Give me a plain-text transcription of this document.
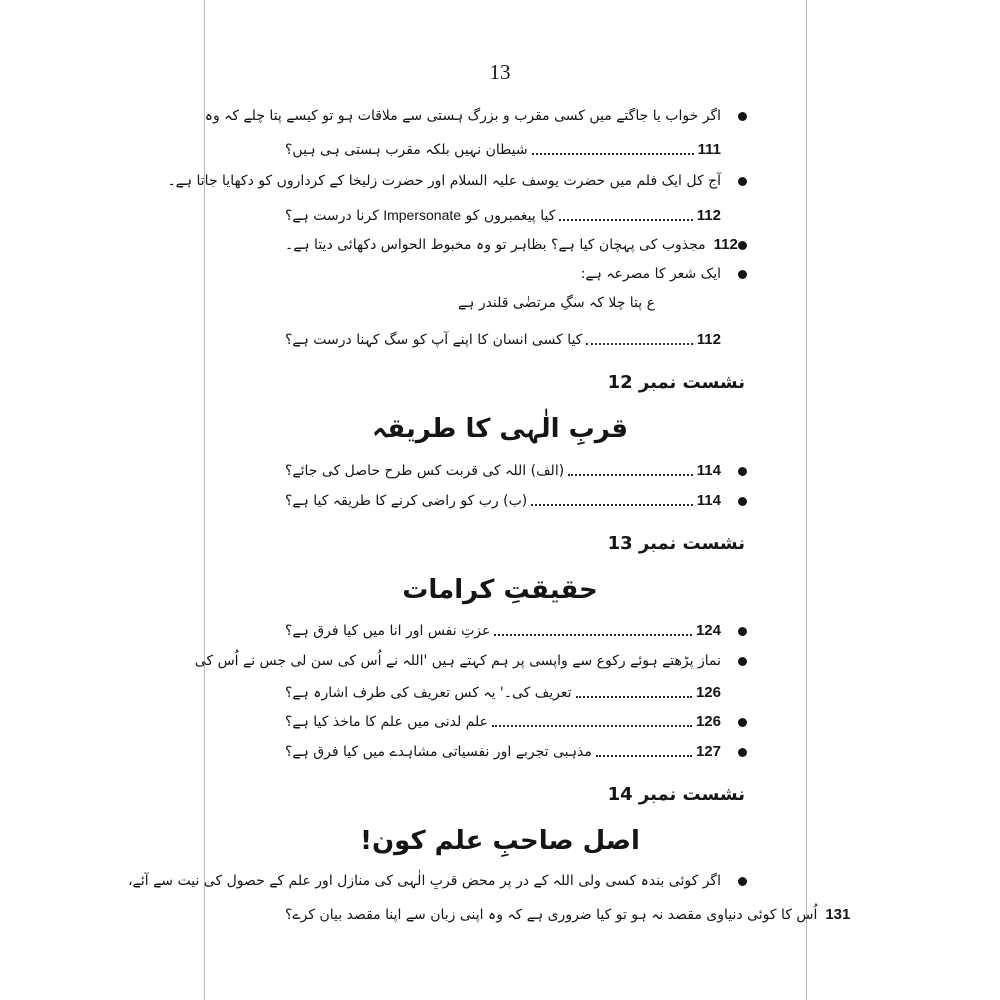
13
اگر خواب یا جاگتے میں کسی مقرب و بزرگ ہستی سے ملاقات ہو تو کیسے پتا چلے کہ وہ
شیطان نہیں بلکہ مقرب ہستی ہی ہیں؟	111
آج کل ایک فلم میں حضرت یوسف علیہ السلام اور حضرت زلیخا کے کرداروں کو دکھایا جاتا ہے۔
کیا پیغمبروں کو Impersonate کرنا درست ہے؟	112
مجذوب کی پہچان کیا ہے؟ بظاہر تو وہ مخبوط الحواس دکھائی دیتا ہے۔ 112
ایک شعر کا مصرعہ ہے:
ع پتا چلا کہ سگِ مرتضٰی قلندر ہے
کیا کسی انسان کا اپنے آپ کو سگ کہنا درست ہے؟	112
نشست نمبر 12
قربِ الٰہی کا طریقہ
(الف) اللہ کی قربت کس طرح حاصل کی جائے؟	114
(ب) رب کو راضی کرنے کا طریقہ کیا ہے؟	114
نشست نمبر 13
حقیقتِ کرامات
عزتِ نفس اور انا میں کیا فرق ہے؟	124
نماز پڑھتے ہوئے رکوع سے واپسی پر ہم کہتے ہیں 'اللہ نے اُس کی سن لی جس نے اُس کی
تعریف کی۔' یہ کس تعریف کی طرف اشارہ ہے؟	126
علم لدنی میں علم کا ماخذ کیا ہے؟	126
مذہبی تجربے اور نفسیاتی مشاہدے میں کیا فرق ہے؟	127
نشست نمبر 14
اصل صاحبِ علم کون!
اگر کوئی بندہ کسی ولی اللہ کے در پر محض قربِ الٰہی کی منازل اور علم کے حصول کی نیت سے آئے،
اُس کا کوئی دنیاوی مقصد نہ ہو تو کیا ضروری ہے کہ وہ اپنی زبان سے اپنا مقصد بیان کرے؟ 131
